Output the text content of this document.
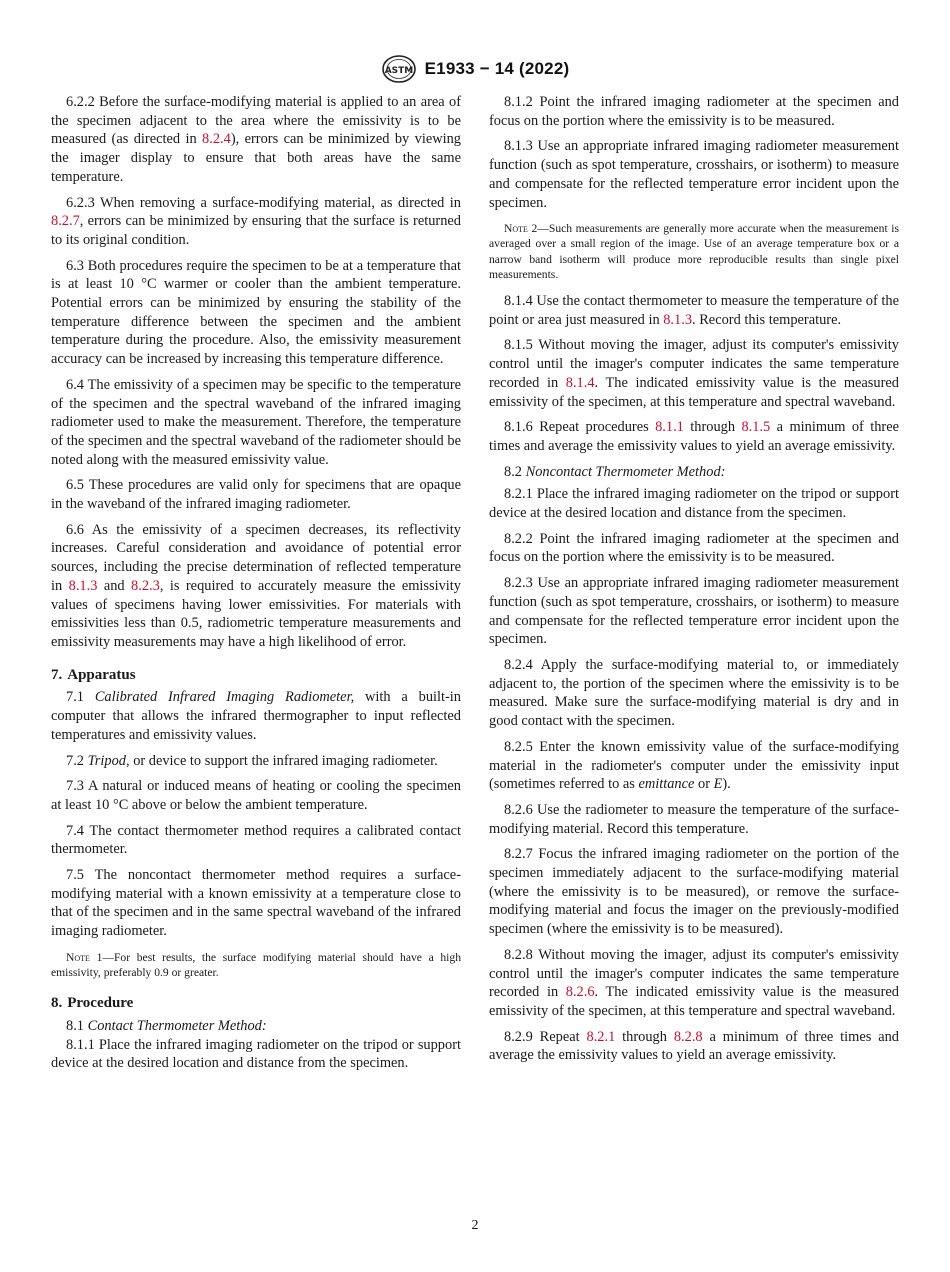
ASTM E1933 − 14 (2022)

6.2.2 Before the surface-modifying material is applied to an area of the specimen adjacent to the area where the emissivity is to be measured (as directed in 8.2.4), errors can be minimized by viewing the imager display to ensure that both areas have the same temperature.

6.2.3 When removing a surface-modifying material, as directed in 8.2.7, errors can be minimized by ensuring that the surface is returned to its original condition.

6.3 Both procedures require the specimen to be at a temperature that is at least 10 °C warmer or cooler than the ambient temperature. Potential errors can be minimized by ensuring the stability of the temperature difference between the specimen and the ambient temperature during the procedure. Also, the emissivity measurement accuracy can be increased by increasing this temperature difference.

6.4 The emissivity of a specimen may be specific to the temperature of the specimen and the spectral waveband of the infrared imaging radiometer used to make the measurement. Therefore, the temperature of the specimen and the spectral waveband of the radiometer should be noted along with the measured emissivity value.

6.5 These procedures are valid only for specimens that are opaque in the waveband of the infrared imaging radiometer.

6.6 As the emissivity of a specimen decreases, its reflectivity increases. Careful consideration and avoidance of potential error sources, including the precise determination of reflected temperature in 8.1.3 and 8.2.3, is required to accurately measure the emissivity values of specimens having lower emissivities. For materials with emissivities less than 0.5, radiometric temperature measurements and emissivity measurements may have a high likelihood of error.

7. Apparatus

7.1 Calibrated Infrared Imaging Radiometer, with a built-in computer that allows the infrared thermographer to input reflected temperatures and emissivity values.

7.2 Tripod, or device to support the infrared imaging radiometer.

7.3 A natural or induced means of heating or cooling the specimen at least 10 °C above or below the ambient temperature.

7.4 The contact thermometer method requires a calibrated contact thermometer.

7.5 The noncontact thermometer method requires a surface-modifying material with a known emissivity at a temperature close to that of the specimen and in the same spectral waveband of the infrared imaging radiometer.

Note 1—For best results, the surface modifying material should have a high emissivity, preferably 0.9 or greater.

8. Procedure

8.1 Contact Thermometer Method:

8.1.1 Place the infrared imaging radiometer on the tripod or support device at the desired location and distance from the specimen.

8.1.2 Point the infrared imaging radiometer at the specimen and focus on the portion where the emissivity is to be measured.

8.1.3 Use an appropriate infrared imaging radiometer measurement function (such as spot temperature, crosshairs, or isotherm) to measure and compensate for the reflected temperature error incident upon the specimen.

Note 2—Such measurements are generally more accurate when the measurement is averaged over a small region of the image. Use of an average temperature box or a narrow band isotherm will produce more reproducible results than single pixel measurements.

8.1.4 Use the contact thermometer to measure the temperature of the point or area just measured in 8.1.3. Record this temperature.

8.1.5 Without moving the imager, adjust its computer's emissivity control until the imager's computer indicates the same temperature recorded in 8.1.4. The indicated emissivity value is the measured emissivity of the specimen, at this temperature and spectral waveband.

8.1.6 Repeat procedures 8.1.1 through 8.1.5 a minimum of three times and average the emissivity values to yield an average emissivity.

8.2 Noncontact Thermometer Method:

8.2.1 Place the infrared imaging radiometer on the tripod or support device at the desired location and distance from the specimen.

8.2.2 Point the infrared imaging radiometer at the specimen and focus on the portion where the emissivity is to be measured.

8.2.3 Use an appropriate infrared imaging radiometer measurement function (such as spot temperature, crosshairs, or isotherm) to measure and compensate for the reflected temperature error incident upon the specimen.

8.2.4 Apply the surface-modifying material to, or immediately adjacent to, the portion of the specimen where the emissivity is to be measured. Make sure the surface-modifying material is dry and in good contact with the specimen.

8.2.5 Enter the known emissivity value of the surface-modifying material in the radiometer's computer under the emissivity input (sometimes referred to as emittance or E).

8.2.6 Use the radiometer to measure the temperature of the surface-modifying material. Record this temperature.

8.2.7 Focus the infrared imaging radiometer on the portion of the specimen immediately adjacent to the surface-modifying material (where the emissivity is to be measured), or remove the surface-modifying material and focus the imager on the previously-modified specimen (where the emissivity is to be measured).

8.2.8 Without moving the imager, adjust its computer's emissivity control until the imager's computer indicates the same temperature recorded in 8.2.6. The indicated emissivity value is the measured emissivity of the specimen, at this temperature and spectral waveband.

8.2.9 Repeat 8.2.1 through 8.2.8 a minimum of three times and average the emissivity values to yield an average emissivity.

2
